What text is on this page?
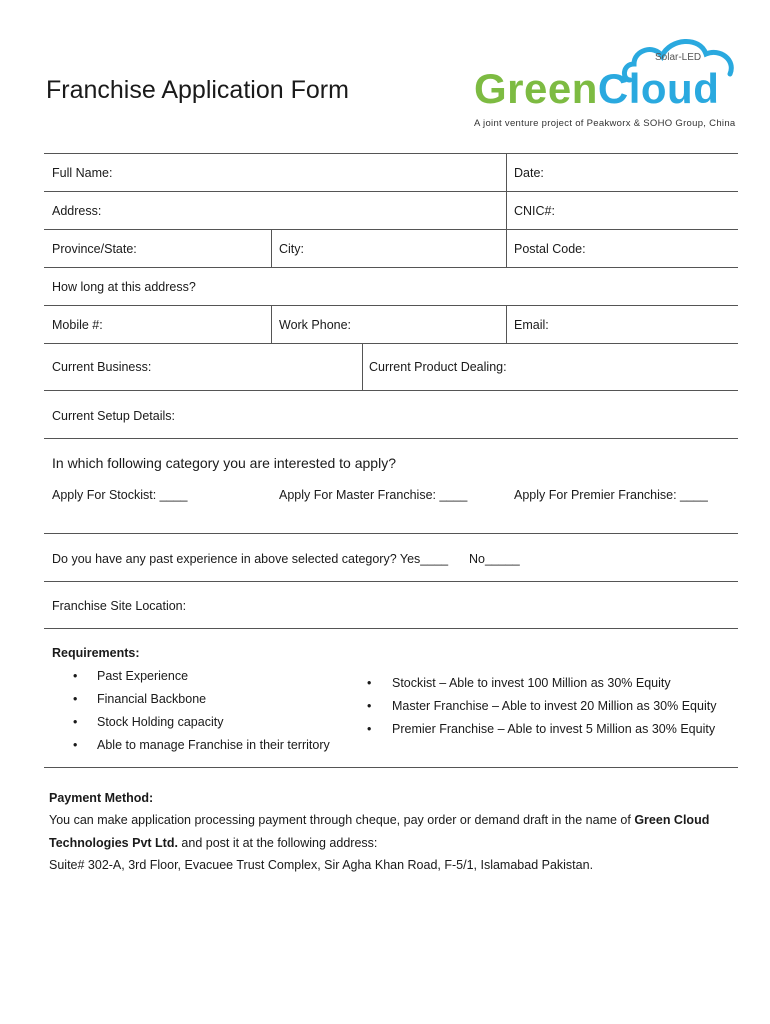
Franchise Application Form
Solar-LED
GreenCloud
A joint venture project of Peakworx & SOHO Group, China
Full Name:	Date:
Address:	CNIC#:
Province/State:	City:	Postal Code:
How long at this address?
Mobile #:	Work Phone:	Email:
Current Business:	Current Product Dealing:
Current Setup Details:
In which following category you are interested to apply?
Apply For Stockist: ____	Apply For Master Franchise: ____	Apply For Premier Franchise: ____
Do you have any past experience in above selected category? Yes____ No_____
Franchise Site Location:
Requirements:
• Past Experience
• Financial Backbone
• Stock Holding capacity
• Able to manage Franchise in their territory
• Stockist – Able to invest 100 Million as 30% Equity
• Master Franchise – Able to invest 20 Million as 30% Equity
• Premier Franchise – Able to invest 5 Million as 30% Equity
Payment Method:
You can make application processing payment through cheque, pay order or demand draft in the name of Green Cloud
Technologies Pvt Ltd. and post it at the following address:
Suite# 302-A, 3rd Floor, Evacuee Trust Complex, Sir Agha Khan Road, F-5/1, Islamabad Pakistan.
